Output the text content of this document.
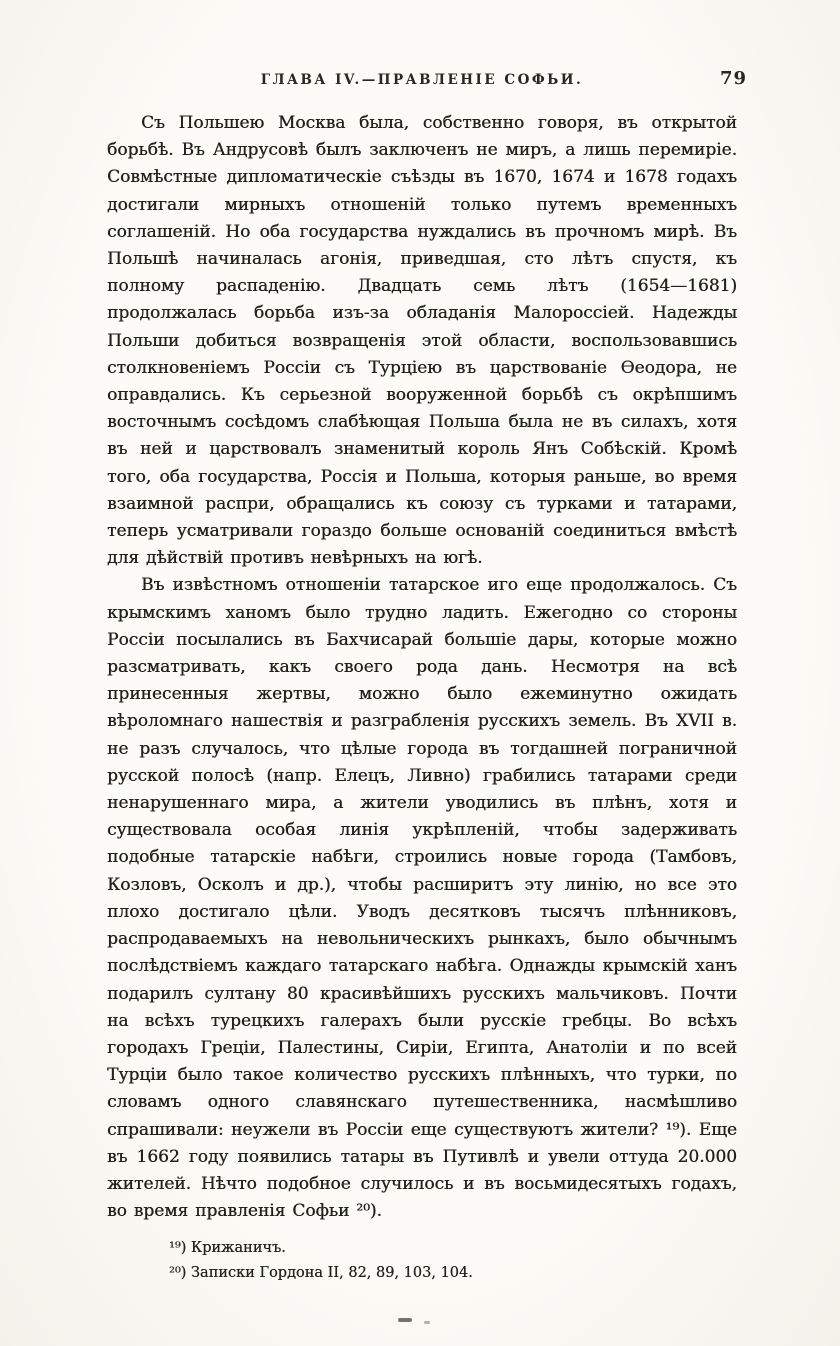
ГЛАВА IV.—ПРАВЛЕНІЕ СОФЬИ.	79

Съ Польшею Москва была, собственно говоря, въ открытой борьбѣ. Въ Андрусовѣ былъ заключенъ не миръ, а лишь перемиріе. Совмѣстные дипломатическіе съѣзды въ 1670, 1674 и 1678 годахъ достигали мирныхъ отношеній только путемъ временныхъ соглашеній. Но оба государства нуждались въ прочномъ мирѣ. Въ Польшѣ начиналась агонія, приведшая, сто лѣтъ спустя, къ полному распаденію. Двадцать семь лѣтъ (1654—1681) продолжалась борьба изъ-за обладанія Малороссіей. Надежды Польши добиться возвращенія этой области, воспользовавшись столкновеніемъ Россіи съ Турціею въ царствованіе Ѳеодора, не оправдались. Къ серьезной вооруженной борьбѣ съ окрѣпшимъ восточнымъ сосѣдомъ слабѣющая Польша была не въ силахъ, хотя въ ней и царствовалъ знаменитый король Янъ Собѣскій. Кромѣ того, оба государства, Россія и Польша, которыя раньше, во время взаимной распри, обращались къ союзу съ турками и татарами, теперь усматривали гораздо больше основаній соединиться вмѣстѣ для дѣйствій противъ невѣрныхъ на югѣ.

Въ извѣстномъ отношеніи татарское иго еще продолжалось. Съ крымскимъ ханомъ было трудно ладить. Ежегодно со стороны Россіи посылались въ Бахчисарай большіе дары, которые можно разсматривать, какъ своего рода дань. Несмотря на всѣ принесенныя жертвы, можно было ежеминутно ожидать вѣроломнаго нашествія и разграбленія русскихъ земель. Въ XVII в. не разъ случалось, что цѣлые города въ тогдашней пограничной русской полосѣ (напр. Елецъ, Ливно) грабились татарами среди ненарушеннаго мира, а жители уводились въ плѣнъ, хотя и существовала особая линія укрѣпленій, чтобы задерживать подобные татарскіе набѣги, строились новые города (Тамбовъ, Козловъ, Осколъ и др.), чтобы расширитъ эту линію, но все это плохо достигало цѣли. Уводъ десятковъ тысячъ плѣнниковъ, распродаваемыхъ на невольническихъ рынкахъ, было обычнымъ послѣдствіемъ каждаго татарскаго набѣга. Однажды крымскій ханъ подарилъ султану 80 красивѣйшихъ русскихъ мальчиковъ. Почти на всѣхъ турецкихъ галерахъ были русскіе гребцы. Во всѣхъ городахъ Греціи, Палестины, Сиріи, Египта, Анатоліи и по всей Турціи было такое количество русскихъ плѣнныхъ, что турки, по словамъ одного славянскаго путешественника, насмѣшливо спрашивали: неужели въ Россіи еще существуютъ жители? ¹⁹). Еще въ 1662 году появились татары въ Путивлѣ и увели оттуда 20.000 жителей. Нѣчто подобное случилось и въ восьмидесятыхъ годахъ, во время правленія Софьи ²⁰).

¹⁹) Крижаничъ.

²⁰) Записки Гордона II, 82, 89, 103, 104.
